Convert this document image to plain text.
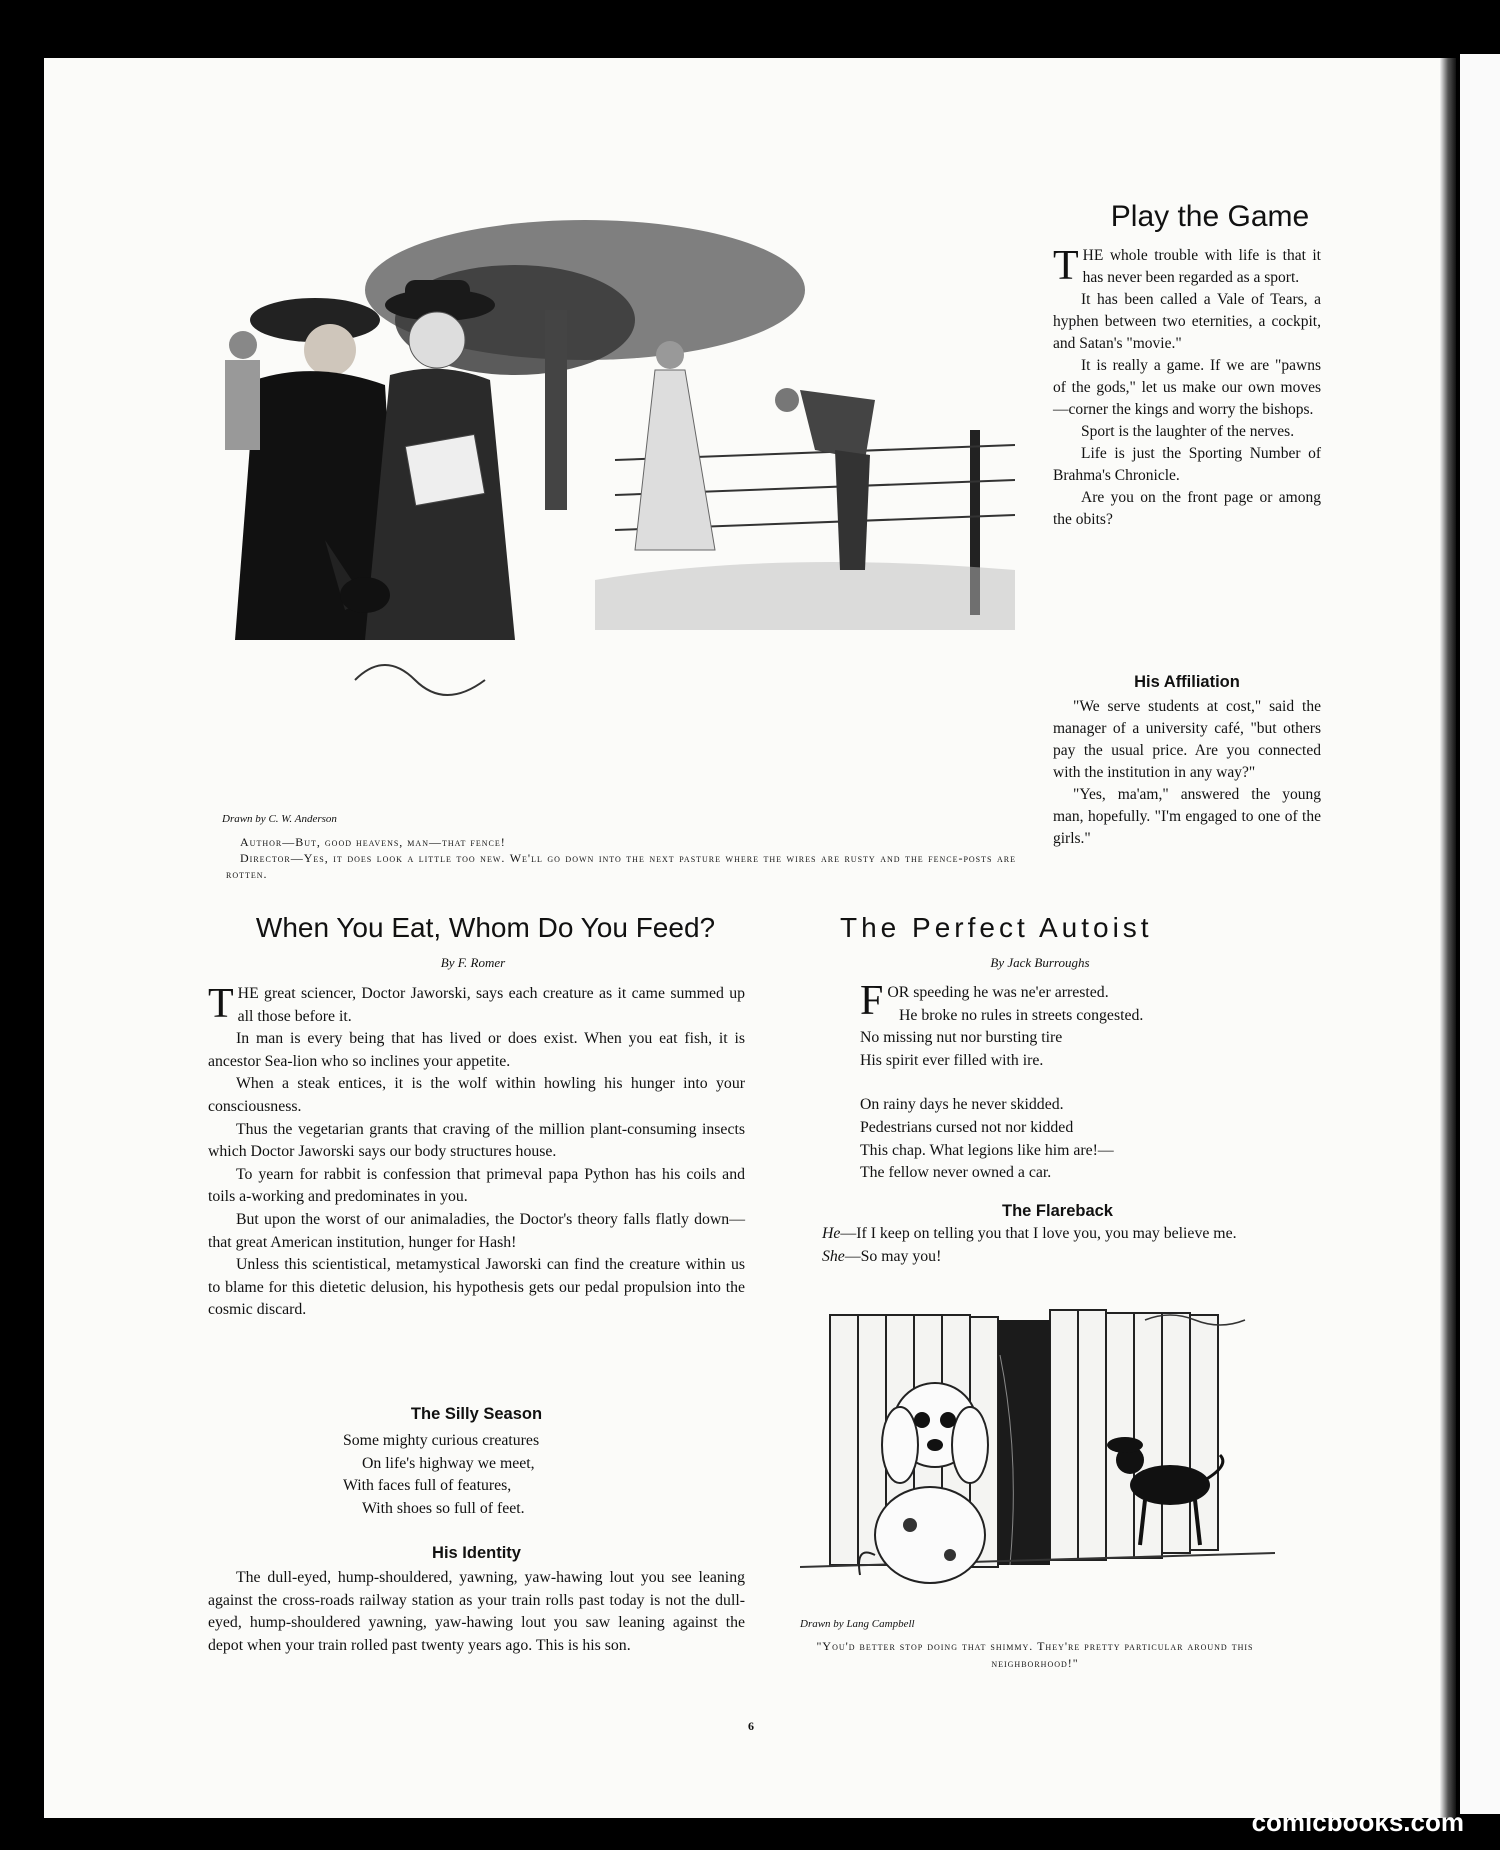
Drawn by C. W. Anderson
Author—But, good heavens, man—that fence!
Director—Yes, it does look a little too new. We'll go down into the next pasture where the wires are rusty and the fence-posts are rotten.
Play the Game

THE whole trouble with life is that it has never been regarded as a sport.

It has been called a Vale of Tears, a hyphen between two eternities, a cockpit, and Satan's "movie."

It is really a game. If we are "pawns of the gods," let us make our own moves—corner the kings and worry the bishops.

Sport is the laughter of the nerves.

Life is just the Sporting Number of Brahma's Chronicle.

Are you on the front page or among the obits?

His Affiliation

"We serve students at cost," said the manager of a university café, "but others pay the usual price. Are you connected with the institution in any way?"

"Yes, ma'am," answered the young man, hopefully. "I'm engaged to one of the girls."

When You Eat, Whom Do You Feed?
By F. Romer

THE great sciencer, Doctor Jaworski, says each creature as it came summed up all those before it.

In man is every being that has lived or does exist. When you eat fish, it is ancestor Sea-lion who so inclines your appetite.

When a steak entices, it is the wolf within howling his hunger into your consciousness.

Thus the vegetarian grants that craving of the million plant-consuming insects which Doctor Jaworski says our body structures house.

To yearn for rabbit is confession that primeval papa Python has his coils and toils a-working and predominates in you.

But upon the worst of our animaladies, the Doctor's theory falls flatly down—that great American institution, hunger for Hash!

Unless this scientistical, metamystical Jaworski can find the creature within us to blame for this dietetic delusion, his hypothesis gets our pedal propulsion into the cosmic discard.

The Silly Season

Some mighty curious creatures
On life's highway we meet,
With faces full of features,
With shoes so full of feet.

His Identity

The dull-eyed, hump-shouldered, yawning, yaw-hawing lout you see leaning against the cross-roads railway station as your train rolls past today is not the dull-eyed, hump-shouldered yawning, yaw-hawing lout you saw leaning against the depot when your train rolled past twenty years ago. This is his son.

6
The Perfect Autoist
By Jack Burroughs
FOR speeding he was ne'er arrested.
He broke no rules in streets congested.
No missing nut nor bursting tire
His spirit ever filled with ire.
On rainy days he never skidded.
Pedestrians cursed not nor kidded
This chap. What legions like him are!—
The fellow never owned a car.

The Flareback

He—If I keep on telling you that I love you, you may believe me.

She—So may you!

Drawn by Lang Campbell
"You'd better stop doing that shimmy. They're pretty particular around this neighborhood!"
comicbooks.com
